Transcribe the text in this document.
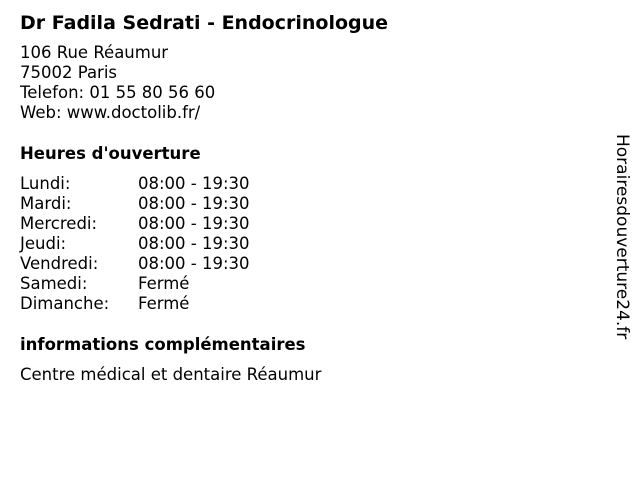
Dr Fadila Sedrati - Endocrinologue
106 Rue Réaumur
75002 Paris
Telefon: 01 55 80 56 60
Web: www.doctolib.fr/
Heures d'ouverture
Lundi:	08:00 - 19:30
Mardi:	08:00 - 19:30
Mercredi:	08:00 - 19:30
Jeudi:	08:00 - 19:30
Vendredi:	08:00 - 19:30
Samedi:	Fermé
Dimanche:	Fermé
informations complémentaires
Centre médical et dentaire Réaumur
Horairesdouverture24.fr
